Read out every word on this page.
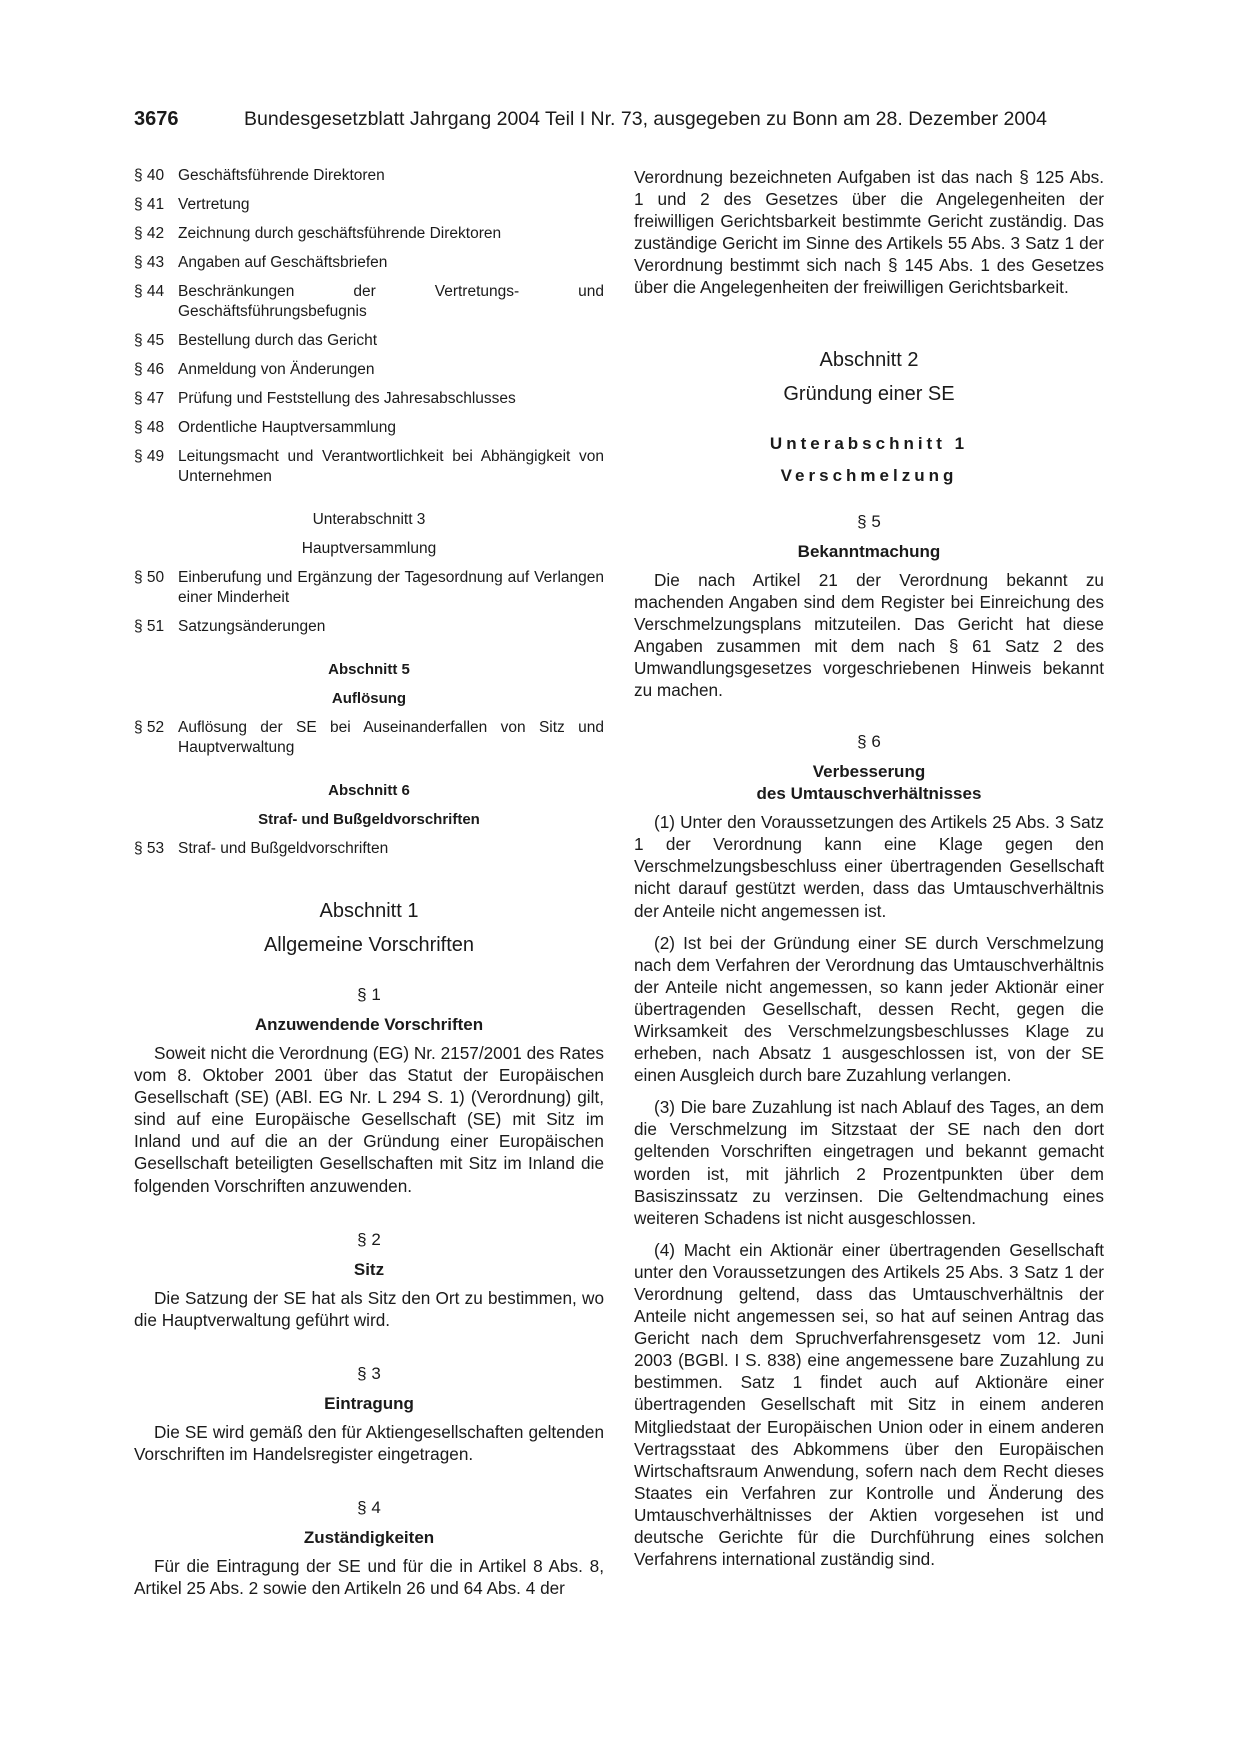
3676	Bundesgesetzblatt Jahrgang 2004 Teil I Nr. 73, ausgegeben zu Bonn am 28. Dezember 2004
§ 40 Geschäftsführende Direktoren
§ 41 Vertretung
§ 42 Zeichnung durch geschäftsführende Direktoren
§ 43 Angaben auf Geschäftsbriefen
§ 44 Beschränkungen der Vertretungs- und Geschäftsführungsbefugnis
§ 45 Bestellung durch das Gericht
§ 46 Anmeldung von Änderungen
§ 47 Prüfung und Feststellung des Jahresabschlusses
§ 48 Ordentliche Hauptversammlung
§ 49 Leitungsmacht und Verantwortlichkeit bei Abhängigkeit von Unternehmen
Unterabschnitt 3
Hauptversammlung
§ 50 Einberufung und Ergänzung der Tagesordnung auf Verlangen einer Minderheit
§ 51 Satzungsänderungen
Abschnitt 5
Auflösung
§ 52 Auflösung der SE bei Auseinanderfallen von Sitz und Hauptverwaltung
Abschnitt 6
Straf- und Bußgeldvorschriften
§ 53 Straf- und Bußgeldvorschriften
Abschnitt 1
Allgemeine Vorschriften
§ 1
Anzuwendende Vorschriften

Soweit nicht die Verordnung (EG) Nr. 2157/2001 des Rates vom 8. Oktober 2001 über das Statut der Europäischen Gesellschaft (SE) (ABl. EG Nr. L 294 S. 1) (Verordnung) gilt, sind auf eine Europäische Gesellschaft (SE) mit Sitz im Inland und auf die an der Gründung einer Europäischen Gesellschaft beteiligten Gesellschaften mit Sitz im Inland die folgenden Vorschriften anzuwenden.

§ 2
Sitz

Die Satzung der SE hat als Sitz den Ort zu bestimmen, wo die Hauptverwaltung geführt wird.

§ 3
Eintragung

Die SE wird gemäß den für Aktiengesellschaften geltenden Vorschriften im Handelsregister eingetragen.

§ 4
Zuständigkeiten

Für die Eintragung der SE und für die in Artikel 8 Abs. 8, Artikel 25 Abs. 2 sowie den Artikeln 26 und 64 Abs. 4 der

Verordnung bezeichneten Aufgaben ist das nach § 125 Abs. 1 und 2 des Gesetzes über die Angelegenheiten der freiwilligen Gerichtsbarkeit bestimmte Gericht zuständig. Das zuständige Gericht im Sinne des Artikels 55 Abs. 3 Satz 1 der Verordnung bestimmt sich nach § 145 Abs. 1 des Gesetzes über die Angelegenheiten der freiwilligen Gerichtsbarkeit.

Abschnitt 2
Gründung einer SE
Unterabschnitt 1
Verschmelzung
§ 5
Bekanntmachung

Die nach Artikel 21 der Verordnung bekannt zu machenden Angaben sind dem Register bei Einreichung des Verschmelzungsplans mitzuteilen. Das Gericht hat diese Angaben zusammen mit dem nach § 61 Satz 2 des Umwandlungsgesetzes vorgeschriebenen Hinweis bekannt zu machen.

§ 6
Verbesserung
des Umtauschverhältnisses

(1) Unter den Voraussetzungen des Artikels 25 Abs. 3 Satz 1 der Verordnung kann eine Klage gegen den Verschmelzungsbeschluss einer übertragenden Gesellschaft nicht darauf gestützt werden, dass das Umtauschverhältnis der Anteile nicht angemessen ist.

(2) Ist bei der Gründung einer SE durch Verschmelzung nach dem Verfahren der Verordnung das Umtauschverhältnis der Anteile nicht angemessen, so kann jeder Aktionär einer übertragenden Gesellschaft, dessen Recht, gegen die Wirksamkeit des Verschmelzungsbeschlusses Klage zu erheben, nach Absatz 1 ausgeschlossen ist, von der SE einen Ausgleich durch bare Zuzahlung verlangen.

(3) Die bare Zuzahlung ist nach Ablauf des Tages, an dem die Verschmelzung im Sitzstaat der SE nach den dort geltenden Vorschriften eingetragen und bekannt gemacht worden ist, mit jährlich 2 Prozentpunkten über dem Basiszinssatz zu verzinsen. Die Geltendmachung eines weiteren Schadens ist nicht ausgeschlossen.

(4) Macht ein Aktionär einer übertragenden Gesellschaft unter den Voraussetzungen des Artikels 25 Abs. 3 Satz 1 der Verordnung geltend, dass das Umtauschverhältnis der Anteile nicht angemessen sei, so hat auf seinen Antrag das Gericht nach dem Spruchverfahrensgesetz vom 12. Juni 2003 (BGBl. I S. 838) eine angemessene bare Zuzahlung zu bestimmen. Satz 1 findet auch auf Aktionäre einer übertragenden Gesellschaft mit Sitz in einem anderen Mitgliedstaat der Europäischen Union oder in einem anderen Vertragsstaat des Abkommens über den Europäischen Wirtschaftsraum Anwendung, sofern nach dem Recht dieses Staates ein Verfahren zur Kontrolle und Änderung des Umtauschverhältnisses der Aktien vorgesehen ist und deutsche Gerichte für die Durchführung eines solchen Verfahrens international zuständig sind.
